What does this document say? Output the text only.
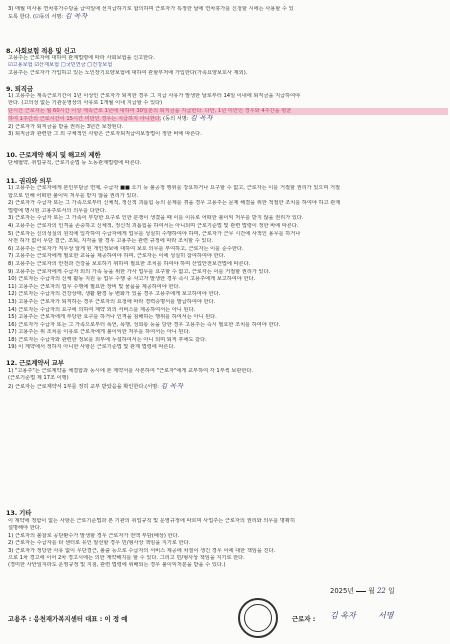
3) 매월 미사용 연차휴가수당을 급여일에 선지급하기로 합의하며 근로자가 특정한 날에 연차휴가를 신청할 시에는 사용할 수 있
도록 한다. (☑동의 서명: 김 옥자
8. 사회보험 적용 및 신고
고용주는 근로자에 대하여 관계법령에 따라 사회보험을 신고한다.
☑고용보험 ☑산재보험 □국민연금 □건강보험
고용주는 근로자가 가입하고 있는 노인장기요양보험에 대하여 관할부처에 가입한다(가족요양보호사 제외).
9. 퇴직금
1) 고용주는 계속근로기간이 1년 이상인 근로자가 퇴직한 경우 그 지급 사유가 발생한 날로부터 14일 이내에 퇴직금을 지급하여야
한다. (고의성 없는 기관운영상의 사유로 1개월 이내 지급할 수 있다)
단시간 근로자는 월 60시간 이상 계속근로 1년에 대하여 30일분의 퇴직금을 지급한다. 다만, 1년 미만인 경우와 4주간을 평균
하여 1주간의 근로시간이 15시간 미만인 경우는 지급하지 아니한다. (동의 서명: 김 옥자
2) 근로자가 퇴직금을 받을 권리는 3년간 보장된다.
3) 퇴직금과 관련한 그 외 구체적인 사항은 근로자퇴직급여보장법이 정한 바에 따른다.
10. 근로계약 해지 및 해고의 제한
단체협약, 취업규칙, 근로기준법 등 노동관계법령에 따른다.
11. 권리와 의무
1) 고용주는 근로자에게 본인부담금 면제, 수급자 ■■ 오기 등 불공정 행위를 강요하거나 요구할 수 없고, 근로자는 이를 거절할 권리가 있으며 거절
함으로 인해 어떠한 불이익 처우를 받지 않을 권리가 있다.
2) 근로자가 수급자 또는 그 가족으로부터 신체적, 정신적 괴롭힘 등의 문제를 겪을 경우 고용주는 문제 해결을 위한 적절한 조치를 하여야 하고 관계
법령에 명시된 고용주로서의 의무를 다한다.
3) 근로자는 수급자 또는 그 가족이 부당한 요구로 인한 분쟁이 생겼을 때 이를 이유로 어떠한 불이익 처우를 받지 않을 권리가 있다.
4) 고용주는 근로자의 인격을 존중하고 신체적, 정신적 괴롭힘을 하여서는 아니되며 근로기준법 및 관련 법령이 정한 바에 따른다.
5) 근로자는 신의성실의 원칙에 입각하여 수급자에게 업무를 성실히 수행하여야 하며, 근로자가 근무 시간에 사적인 용무를 하거나
사전 허가 없이 무단 결근, 조퇴, 지각을 할 경우 고용주는 관련 규정에 따라 조치할 수 있다.
6) 고용주는 근로자가 직무상 알게 된 개인정보에 대하여 보호 의무를 부여하고, 근로자는 이를 준수한다.
7) 고용주는 근로자에게 필요한 교육을 제공하여야 하며, 근로자는 이에 성실히 참여하여야 한다.
8) 고용주는 근로자의 안전과 건강을 보호하기 위하여 필요한 조치를 하여야 하며 산업안전보건법에 따른다.
9) 고용주는 근로자에게 수급자 외의 가족 등을 위한 가사 업무를 요구할 수 없고, 근로자는 이를 거절할 권리가 있다.
10) 근로자는 수급자의 신체 활동 지원 등 업무 수행 중 사고가 발생한 경우 즉시 고용주에게 보고하여야 한다.
11) 고용주는 근로자의 업무 수행에 필요한 장비 및 물품을 제공하여야 한다.
12) 근로자는 수급자의 건강상태, 생활 환경 등 변화가 있을 경우 고용주에게 보고하여야 한다.
13) 고용주는 근로자가 퇴직하는 경우 근로자의 요청에 따라 경력증명서를 발급하여야 한다.
14) 근로자는 수급자의 요구에 의하여 계약 외의 서비스를 제공하여서는 아니 된다.
15) 고용주는 근로자에게 부당한 요구를 하거나 인격을 침해하는 행위를 하여서는 아니 된다.
16) 근로자가 수급자 또는 그 가족으로부터 폭언, 폭행, 성희롱 등을 당한 경우 고용주는 즉시 필요한 조치를 하여야 한다.
17) 고용주는 위 조치를 이유로 근로자에게 불이익한 처우를 하여서는 아니 된다.
18) 근로자는 수급자와 관련한 정보를 외부에 누설하여서는 아니 되며 퇴직 후에도 같다.
19) 이 계약에서 정하지 아니한 사항은 근로기준법 및 관계 법령에 따른다.
12. 근로계약서 교부
1) "고용주"는 근로계약을 체결함과 동시에 본 계약서를 사본하여 "근로자"에게 교부하여 각 1부씩 보관한다.
(근로기준법 제 17조 이행)
2) 근로자는 근로계약서 1부를 정히 교부 받았음을 확인한다.(서명: 김 옥자
13. 기타
이 계약에 정함이 없는 사항은 근로기준법과 본 기관의 취업규칙 및 운영규정에 따르며 사업주는 근로자의 권리와 의무를 명확히
설명해야 한다.
1) 근로자의 불찰로 공단환수가 발생할 경우 근로자가 전액 부담(배상) 한다.
2) 근로자는 수급자를 타 센터로 유인 알선할 경우 민/형사상 책임을 지기로 한다.
3) 근로자가 정당한 사유 없이 무단결근, 불출 등으로 수급자의 서비스 제공에 차질이 생긴 경우 이에 대한 책임을 진다.
으로 1차 경고에 이어 2차 경고시에는 의한 계약해지를 할 수 있다. 그리고 민/형사상 책임을 지기로 한다.
(경미한 사안일지라도 운영규정 및 지침, 관련 법령에 위배되는 경우 불이익처분을 받을 수 있다.)
2025년 월 22 일
고용주 : 응천재가복지센터 대표 : 이 정 예	근로자 : 김 옥자	서명
